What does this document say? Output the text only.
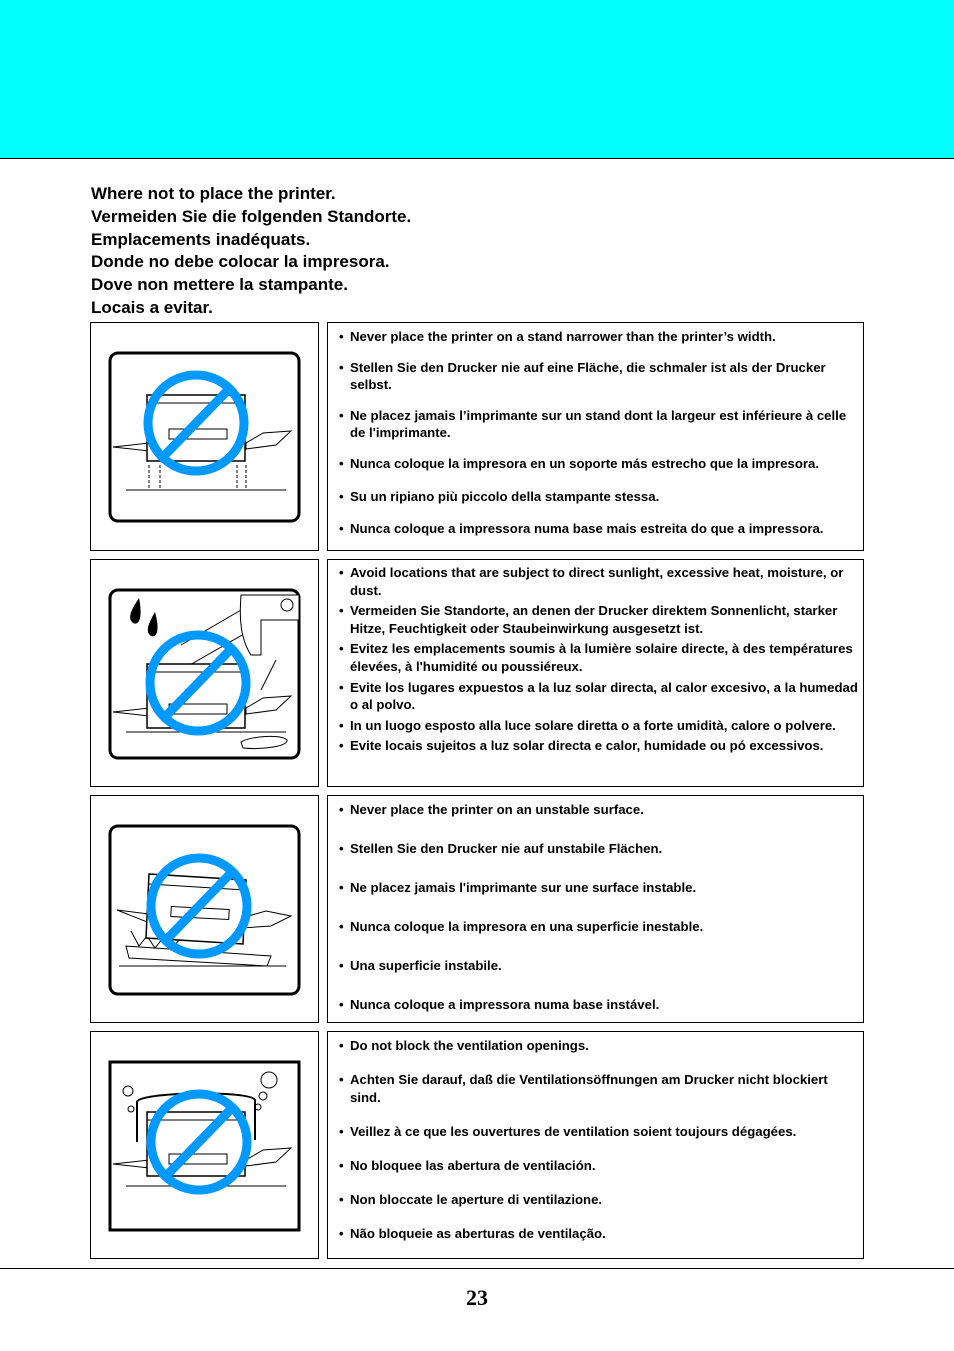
Where not to place the printer.
Vermeiden Sie die folgenden Standorte.
Emplacements inadéquats.
Donde no debe colocar la impresora.
Dove non mettere la stampante.
Locais a evitar.
• Never place the printer on a stand narrower than the printer’s width.
• Stellen Sie den Drucker nie auf eine Fläche, die schmaler ist als der Drucker selbst.
• Ne placez jamais l’imprimante sur un stand dont la largeur est inférieure à celle de l'imprimante.
• Nunca coloque la impresora en un soporte más estrecho que la impresora.
• Su un ripiano più piccolo della stampante stessa.
• Nunca coloque a impressora numa base mais estreita do que a impressora.
• Avoid locations that are subject to direct sunlight, excessive heat, moisture, or dust.
• Vermeiden Sie Standorte, an denen der Drucker direktem Sonnenlicht, starker Hitze, Feuchtigkeit oder Staubeinwirkung ausgesetzt ist.
• Evitez les emplacements soumis à la lumière solaire directe, à des températures élevées, à l'humidité ou poussiéreux.
• Evite los lugares expuestos a la luz solar directa, al calor excesivo, a la humedad o al polvo.
• In un luogo esposto alla luce solare diretta o a forte umidità, calore o polvere.
• Evite locais sujeitos a luz solar directa e calor, humidade ou pó excessivos.
• Never place the printer on an unstable surface.
• Stellen Sie den Drucker nie auf unstabile Flächen.
• Ne placez jamais l'imprimante sur une surface instable.
• Nunca coloque la impresora en una superficie inestable.
• Una superficie instabile.
• Nunca coloque a impressora numa base instável.
• Do not block the ventilation openings.
• Achten Sie darauf, daß die Ventilationsöffnungen am Drucker nicht blockiert sind.
• Veillez à ce que les ouvertures de ventilation soient toujours dégagées.
• No bloquee las abertura de ventilación.
• Non bloccate le aperture di ventilazione.
• Não bloqueie as aberturas de ventilação.
23
